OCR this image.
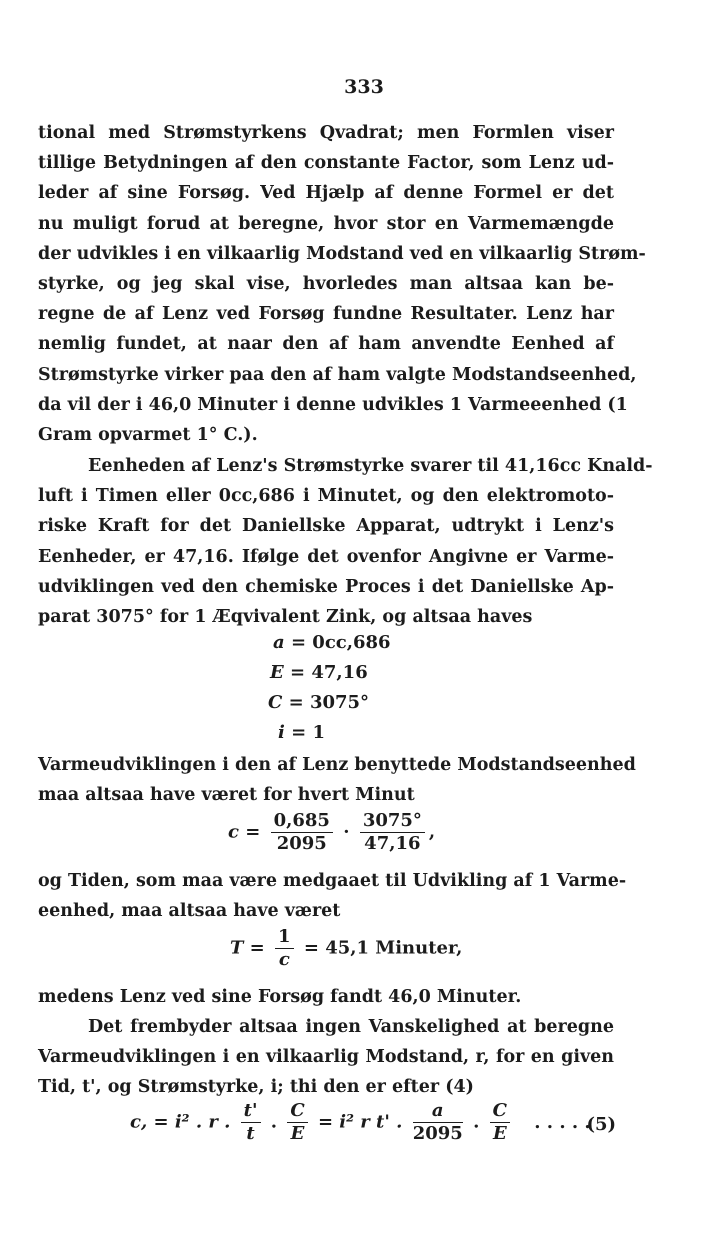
333
tional med Strømstyrkens Qvadrat; men Formlen viser
tillige Betydningen af den constante Factor, som Lenz ud-
leder af sine Forsøg. Ved Hjælp af denne Formel er det
nu muligt forud at beregne, hvor stor en Varmemængde
der udvikles i en vilkaarlig Modstand ved en vilkaarlig Strøm-
styrke, og jeg skal vise, hvorledes man altsaa kan be-
regne de af Lenz ved Forsøg fundne Resultater. Lenz har
nemlig fundet, at naar den af ham anvendte Eenhed af
Strømstyrke virker paa den af ham valgte Modstandseenhed,
da vil der i 46,0 Minuter i denne udvikles 1 Varmeeenhed (1
Gram opvarmet 1° C.).
Eenheden af Lenz's Strømstyrke svarer til 41,16cc Knald-
luft i Timen eller 0cc,686 i Minutet, og den elektromoto-
riske Kraft for det Daniellske Apparat, udtrykt i Lenz's
Eenheder, er 47,16. Ifølge det ovenfor Angivne er Varme-
udviklingen ved den chemiske Proces i det Daniellske Ap-
parat 3075° for 1 Æqvivalent Zink, og altsaa haves
a = 0cc,686
E = 47,16
C = 3075°
i = 1
Varmeudviklingen i den af Lenz benyttede Modstandseenhed
maa altsaa have været for hvert Minut
$c = \frac{0,685}{2095} \cdot \frac{3075^\circ}{47,16}$ ,
og Tiden, som maa være medgaaet til Udvikling af 1 Varme-
eenhed, maa altsaa have været
$T = \frac{1}{c} = 45,1$ Minuter,
medens Lenz ved sine Forsøg fandt 46,0 Minuter.
Det frembyder altsaa ingen Vanskelighed at beregne
Varmeudviklingen i en vilkaarlig Modstand, r, for en given
Tid, t', og Strømstyrke, i; thi den er efter (4)
c, = i² . r . $\frac{t'}{t}$ . $\frac{C}{E} = i^2$ r t' . $\frac{a}{2095}$ . $\frac{C}{E}$ . . . . .
(5)
